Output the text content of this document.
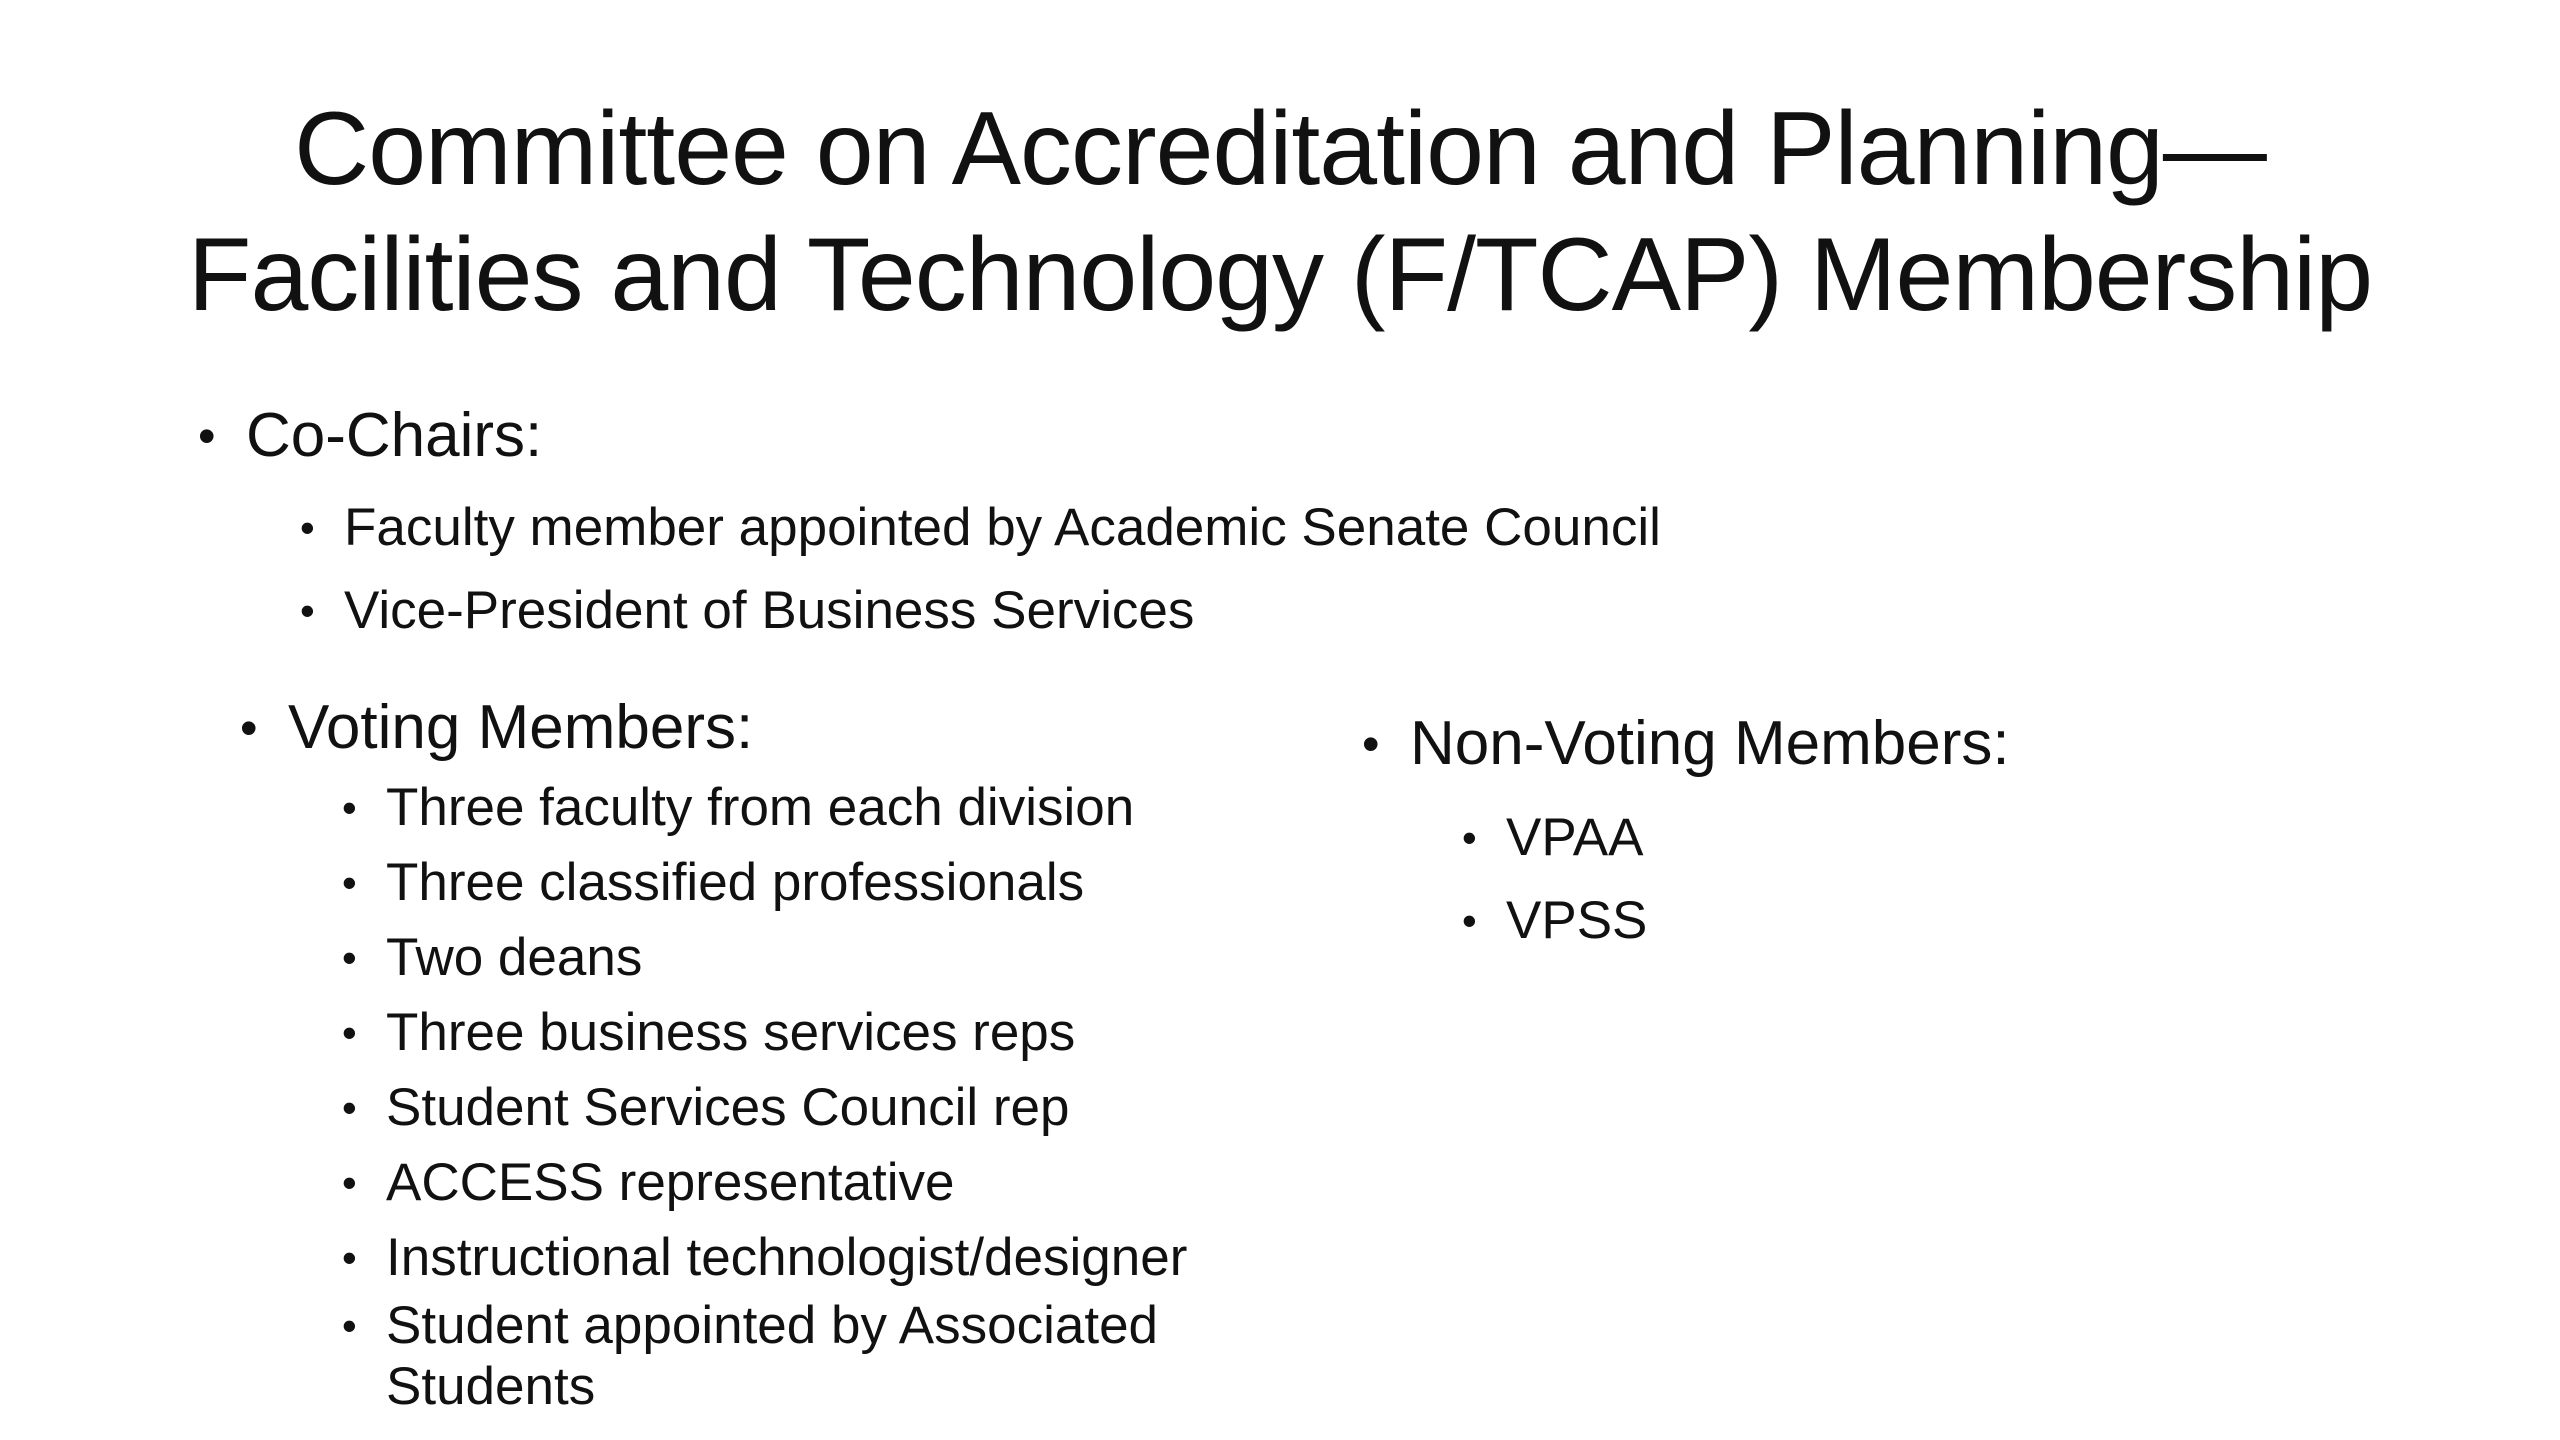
Committee on Accreditation and Planning—
Facilities and Technology (F/TCAP) Membership
• Co-Chairs:
• Faculty member appointed by Academic Senate Council
• Vice-President of Business Services
• Voting Members:
• Three faculty from each division
• Three classified professionals
• Two deans
• Three business services reps
• Student Services Council rep
• ACCESS representative
• Instructional technologist/designer
• Student appointed by Associated Students
• Non-Voting Members:
• VPAA
• VPSS
